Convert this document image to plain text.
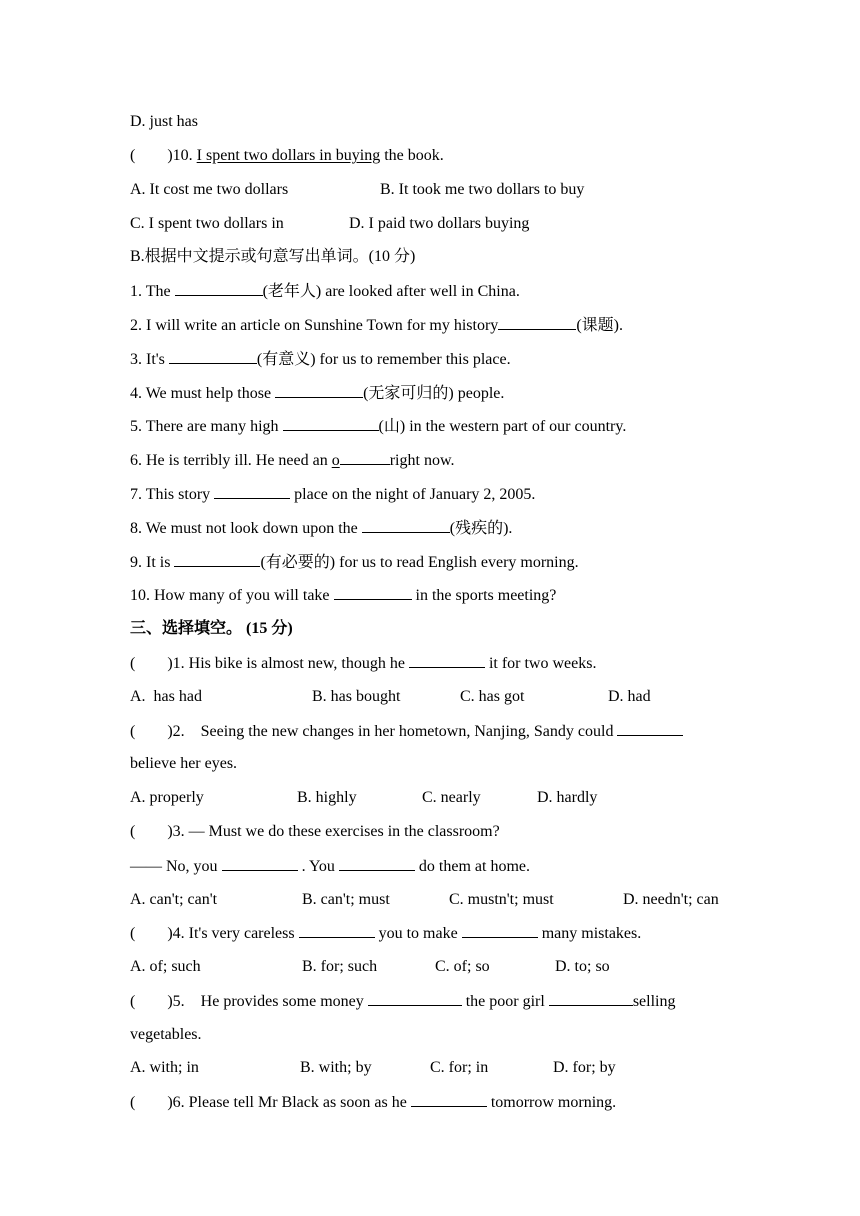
D. just has
(        )10. I spent two dollars in buying the book.
A. It cost me two dollars	B. It took me two dollars to buy
C. I spent two dollars in	D. I paid two dollars buying
B.根据中文提示或句意写出单词。(10 分)
1. The	(老年人) are looked after well in China.
2. I will write an article on Sunshine Town for my history	(课题).
3. It's	(有意义) for us to remember this place.
4. We must help those	(无家可归的) people.
5. There are many high	(山) in the western part of our country.
6. He is terribly ill. He need an o	right now.
7. This story	place on the night of January 2, 2005.
8. We must not look down upon the	(残疾的).
9. It is	(有必要的) for us to read English every morning.
10. How many of you will take	in the sports meeting?
三、选择填空。 (15 分)
(        )1. His bike is almost new, though he	it for two weeks.
A.  has had	B. has bought	C. has got	D. had
(        )2.    Seeing the new changes in her hometown, Nanjing, Sandy could
believe her eyes.
A. properly	B. highly	C. nearly	D. hardly
(        )3. — Must we do these exercises in the classroom?
—— No, you	. You	do them at home.
A. can't; can't	B. can't; must	C. mustn't; must	D. needn't; can
(        )4. It's very careless	you to make	many mistakes.
A. of; such	B. for; such	C. of; so	D. to; so
(        )5.    He provides some money	the poor girl	selling
vegetables.
A. with; in	B. with; by	C. for; in	D. for; by
(        )6. Please tell Mr Black as soon as he	tomorrow morning.
